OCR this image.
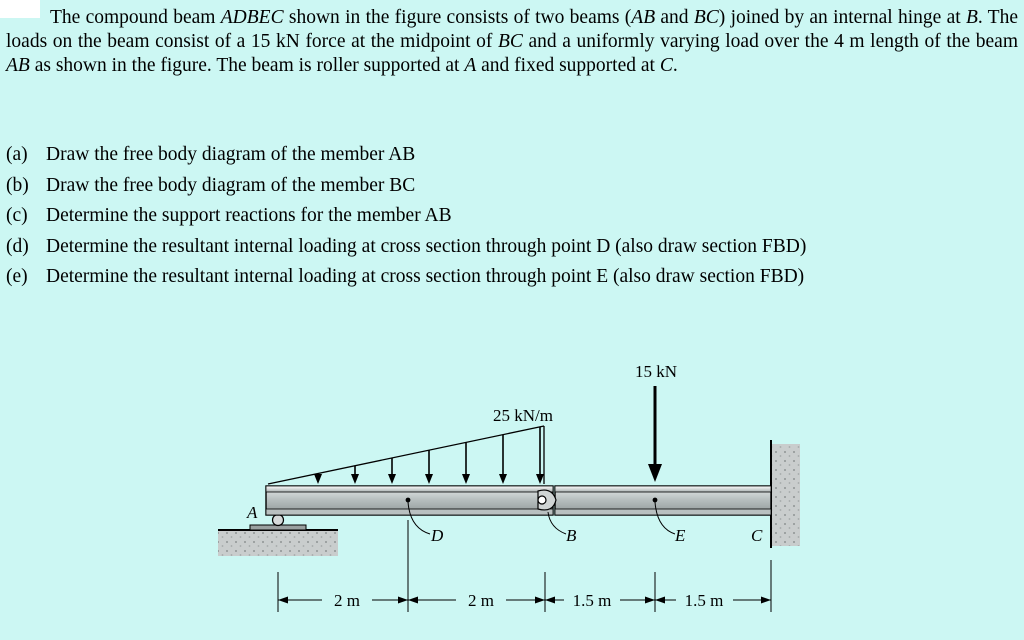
The compound beam ADBEC shown in the figure consists of two beams (AB and BC) joined by an internal hinge at B. The loads on the beam consist of a 15 kN force at the midpoint of BC and a uniformly varying load over the 4 m length of the beam AB as shown in the figure. The beam is roller supported at A and fixed supported at C.

(a) Draw the free body diagram of the member AB
(b) Draw the free body diagram of the member BC
(c) Determine the support reactions for the member AB
(d) Determine the resultant internal loading at cross section through point D (also draw section FBD)
(e) Determine the resultant internal loading at cross section through point E (also draw section FBD)
25 kN/m
15 kN
A
D	B	E	C
2 m	2 m	1.5 m	1.5 m
